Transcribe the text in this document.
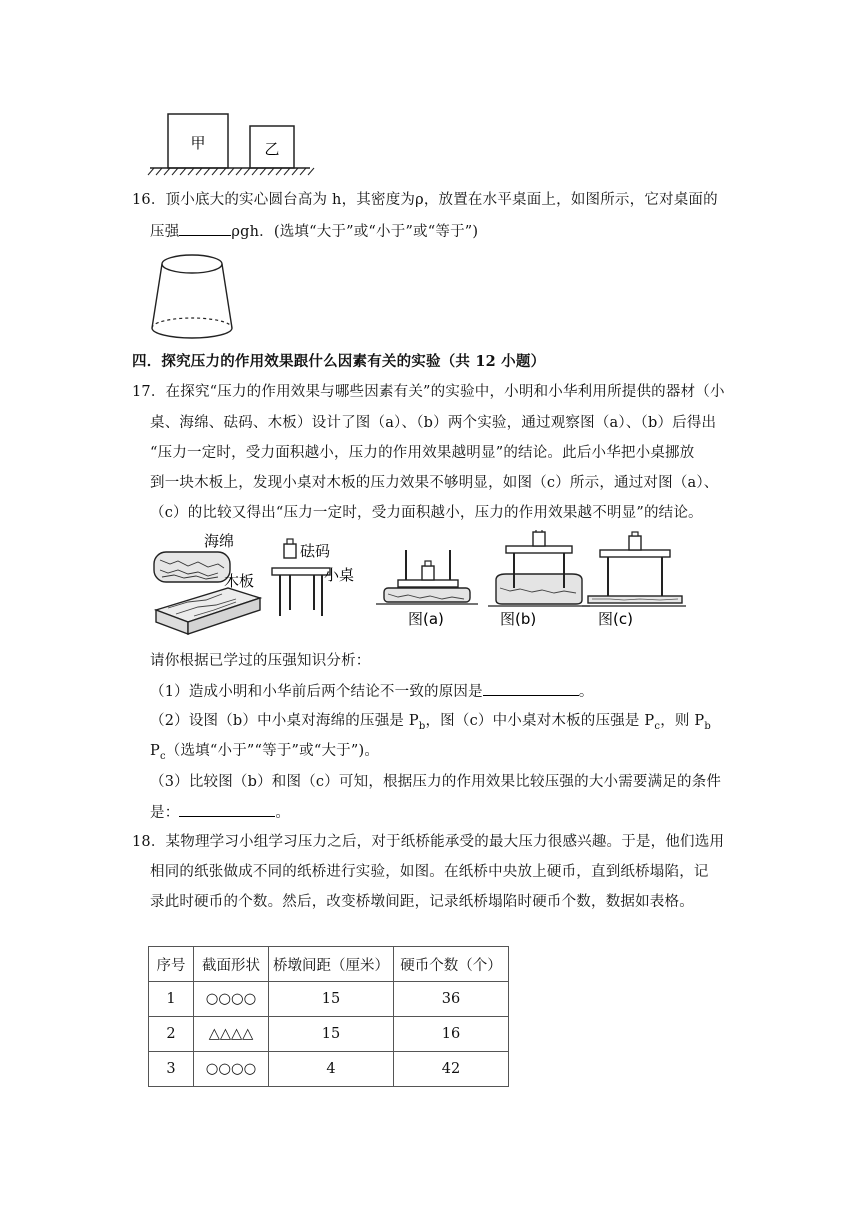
甲	乙
16．顶小底大的实心圆台高为 h，其密度为ρ，放置在水平桌面上，如图所示，它对桌面的
压强	ρgh．(选填“大于”或“小于”或“等于”)
四．探究压力的作用效果跟什么因素有关的实验（共 12 小题）
17．在探究“压力的作用效果与哪些因素有关”的实验中，小明和小华利用所提供的器材（小
桌、海绵、砝码、木板）设计了图（a）、（b）两个实验，通过观察图（a）、（b）后得出
“压力一定时，受力面积越小，压力的作用效果越明显”的结论。此后小华把小桌挪放
到一块木板上，发现小桌对木板的压力效果不够明显，如图（c）所示，通过对图（a）、
（c）的比较又得出“压力一定时，受力面积越小，压力的作用效果越不明显”的结论。
海绵
木板
砝码
小桌
图(a)	图(b)	图(c)
请你根据已学过的压强知识分析：
（1）造成小明和小华前后两个结论不一致的原因是	。
（2）设图（b）中小桌对海绵的压强是 $P_b$，图（c）中小桌对木板的压强是 $P_c$，则 $P_b$
$P_c$（选填“小于”“等于”或“大于”)。
（3）比较图（b）和图（c）可知，根据压力的作用效果比较压强的大小需要满足的条件
是：	。
18．某物理学习小组学习压力之后，对于纸桥能承受的最大压力很感兴趣。于是，他们选用
相同的纸张做成不同的纸桥进行实验，如图。在纸桥中央放上硬币，直到纸桥塌陷，记
录此时硬币的个数。然后，改变桥墩间距，记录纸桥塌陷时硬币个数，数据如表格。
序号	截面形状	桥墩间距（厘米）	硬币个数（个）
1	○○○○	15	36
2	△△△△	15	16
3	○○○○	4	42
